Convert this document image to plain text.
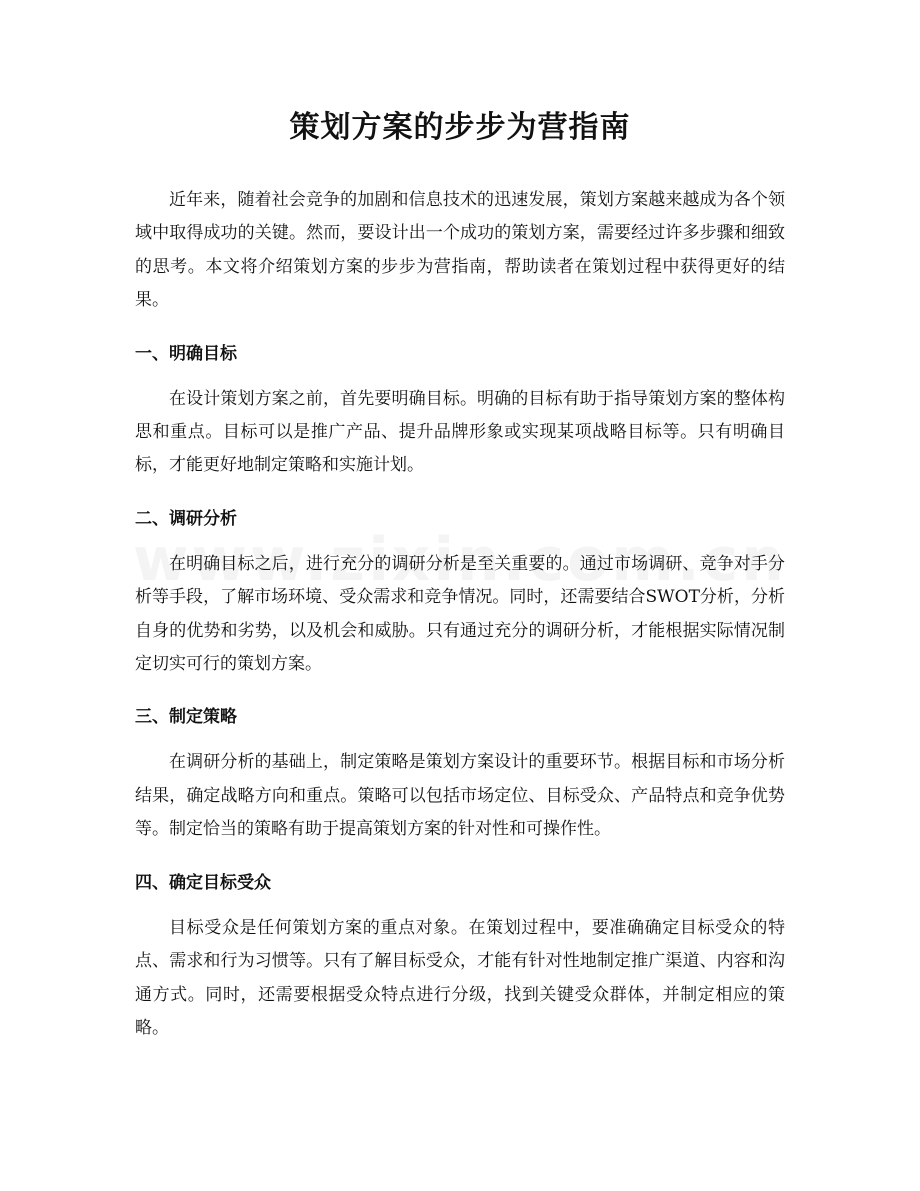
策划方案的步步为营指南

近年来，随着社会竞争的加剧和信息技术的迅速发展，策划方案越来越成为各个领域中取得成功的关键。然而，要设计出一个成功的策划方案，需要经过许多步骤和细致的思考。本文将介绍策划方案的步步为营指南，帮助读者在策划过程中获得更好的结果。

一、明确目标

在设计策划方案之前，首先要明确目标。明确的目标有助于指导策划方案的整体构思和重点。目标可以是推广产品、提升品牌形象或实现某项战略目标等。只有明确目标，才能更好地制定策略和实施计划。

二、调研分析

在明确目标之后，进行充分的调研分析是至关重要的。通过市场调研、竞争对手分析等手段，了解市场环境、受众需求和竞争情况。同时，还需要结合SWOT分析，分析自身的优势和劣势，以及机会和威胁。只有通过充分的调研分析，才能根据实际情况制定切实可行的策划方案。

三、制定策略

在调研分析的基础上，制定策略是策划方案设计的重要环节。根据目标和市场分析结果，确定战略方向和重点。策略可以包括市场定位、目标受众、产品特点和竞争优势等。制定恰当的策略有助于提高策划方案的针对性和可操作性。

四、确定目标受众

目标受众是任何策划方案的重点对象。在策划过程中，要准确确定目标受众的特点、需求和行为习惯等。只有了解目标受众，才能有针对性地制定推广渠道、内容和沟通方式。同时，还需要根据受众特点进行分级，找到关键受众群体，并制定相应的策略。
